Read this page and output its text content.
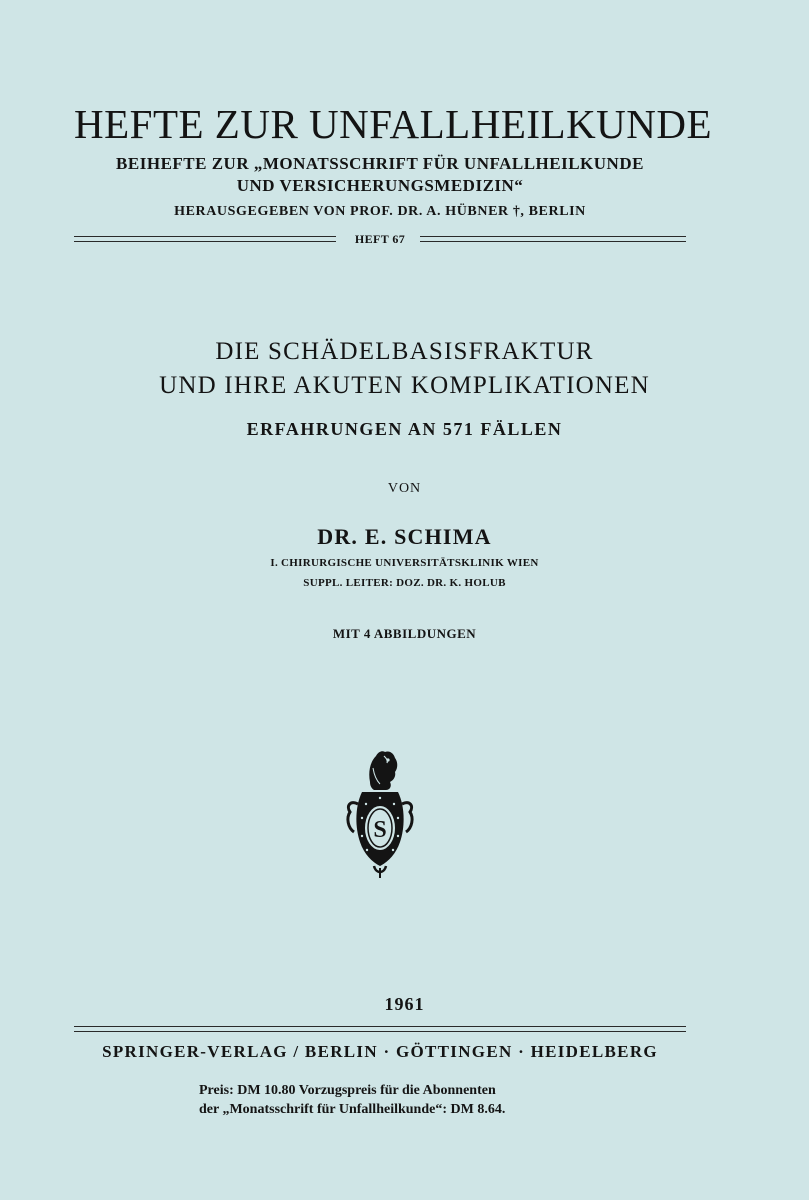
HEFTE ZUR UNFALLHEILKUNDE
BEIHEFTE ZUR „MONATSSCHRIFT FÜR UNFALLHEILKUNDE
UND VERSICHERUNGSMEDIZIN“
HERAUSGEGEBEN VON PROF. DR. A. HÜBNER †, BERLIN
HEFT 67
DIE SCHÄDELBASISFRAKTUR
UND IHRE AKUTEN KOMPLIKATIONEN
ERFAHRUNGEN AN 571 FÄLLEN
VON
DR. E. SCHIMA
I. CHIRURGISCHE UNIVERSITÄTSKLINIK WIEN
SUPPL. LEITER: DOZ. DR. K. HOLUB
MIT 4 ABBILDUNGEN
S
1961
SPRINGER-VERLAG / BERLIN · GÖTTINGEN · HEIDELBERG
Preis: DM 10.80 Vorzugspreis für die Abonnenten
der „Monatsschrift für Unfallheilkunde“: DM 8.64.
